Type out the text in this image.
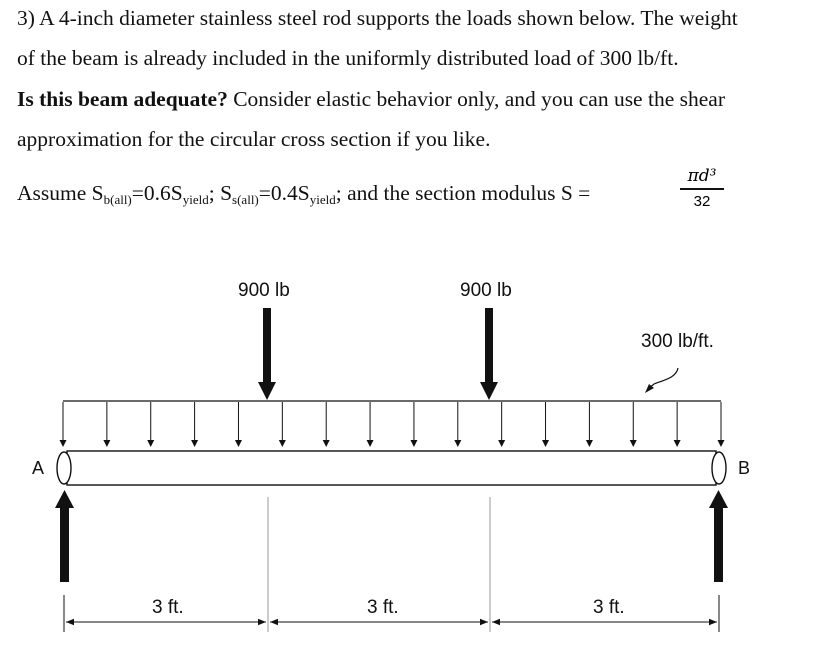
3) A 4-inch diameter stainless steel rod supports the loads shown below. The weight
of the beam is already included in the uniformly distributed load of 300 lb/ft.
Is this beam adequate? Consider elastic behavior only, and you can use the shear
approximation for the circular cross section if you like.
Assume $S_{b(all)}=0.6S_{yield}$; $S_{s(all)}=0.4S_{yield}$; and the section modulus S =
πd³
32
300 lb/ft.
900 lb	900 lb
A	B
3 ft.	3 ft.	3 ft.
